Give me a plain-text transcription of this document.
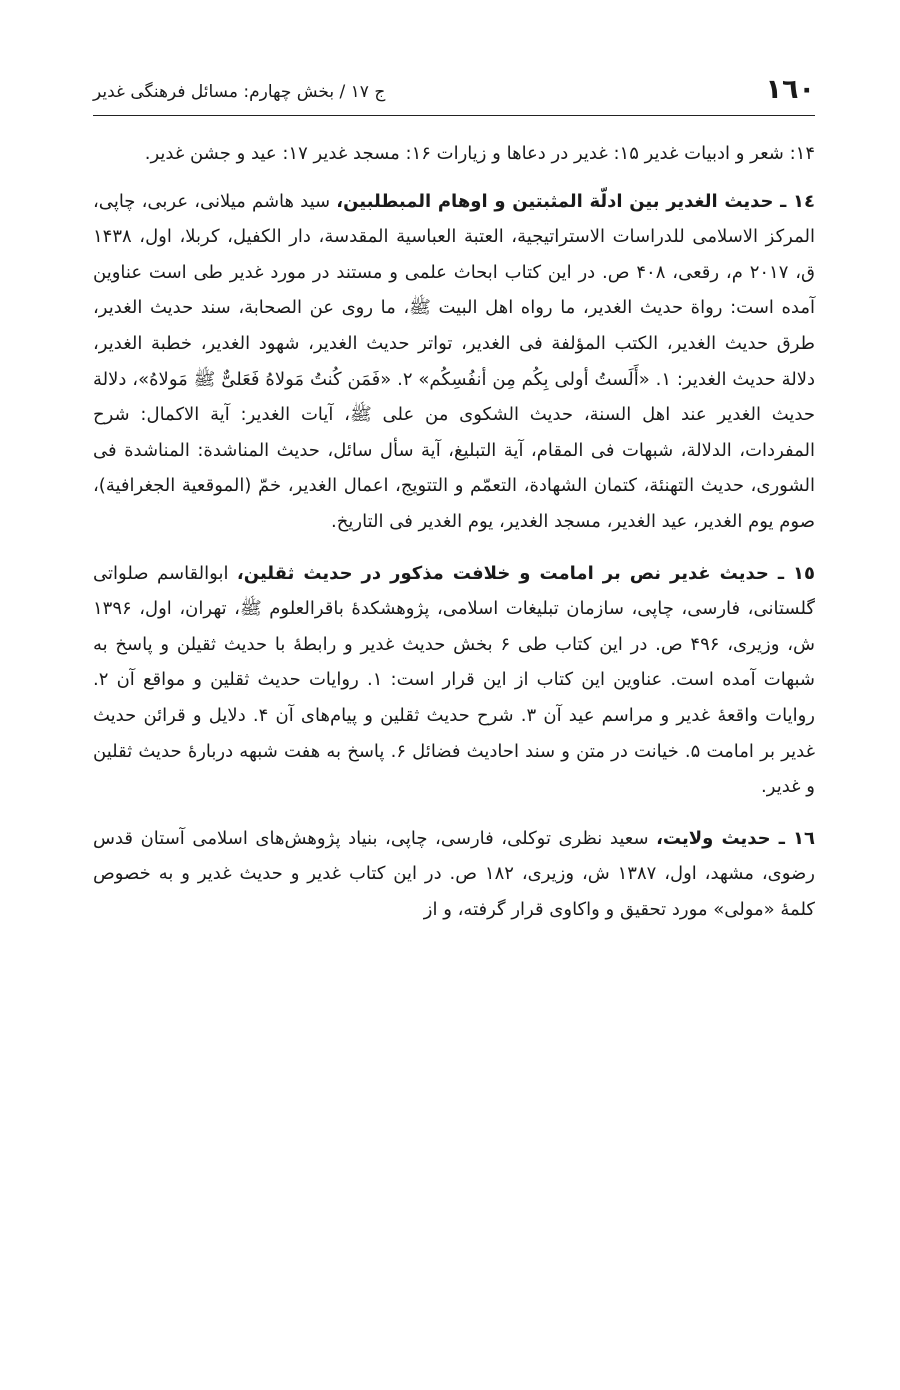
١٦٠
ج ۱۷ / بخش چهارم: مسائل فرهنگی غدیر

۱۴: شعر و ادبیات غدیر ۱۵: غدیر در دعاها و زیارات ۱۶: مسجد غدیر ۱۷: عید و جشن غدیر.

١٤ ـ حدیث الغدیر بین ادلّة المثبتین و اوهام المبطلبین، سید هاشم میلانی، عربی، چاپی، المرکز الاسلامی للدراسات الاستراتیجیة، العتبة العباسیة المقدسة، دار الکفیل، کربلا، اول، ۱۴۳۸ ق، ۲۰۱۷ م، رقعی، ۴۰۸ ص. در این کتاب ابحاث علمی و مستند در مورد غدیر طی است عناوین آمده است: رواة حدیث الغدیر، ما رواه اهل البیت ﷺ، ما روی عن الصحابة، سند حدیث الغدیر، طرق حدیث الغدیر، الکتب المؤلفة فی الغدیر، تواتر حدیث الغدیر، شهود الغدیر، خطبة الغدیر، دلالة حدیث الغدیر: ۱. «أَلَستُ أولی بِکُم مِن أنفُسِکُم» ۲. «فَمَن کُنتُ مَولاهُ فَعَلیٌّ ﷺ مَولاهُ»، دلالة حدیث الغدیر عند اهل السنة، حدیث الشکوی من علی ﷺ، آیات الغدیر: آیة الاکمال: شرح المفردات، الدلالة، شبهات فی المقام، آیة التبلیغ، آیة سأل سائل، حدیث المناشدة: المناشدة فی الشوری، حدیث التهنئة، کتمان الشهادة، التعمّم و التتویج، اعمال الغدیر، خمّ (الموقعیة الجغرافیة)، صوم یوم الغدیر، عید الغدیر، مسجد الغدیر، یوم الغدیر فی التاریخ.

١٥ ـ حدیث غدیر نص بر امامت و خلافت مذکور در حدیث ثقلین، ابوالقاسم صلواتی گلستانی، فارسی، چاپی، سازمان تبلیغات اسلامی، پژوهشکدهٔ باقرالعلوم ﷺ، تهران، اول، ۱۳۹۶ ش، وزیری، ۴۹۶ ص. در این کتاب طی ۶ بخش حدیث غدیر و رابطهٔ با حدیث ثقیلن و پاسخ به شبهات آمده است. عناوین این کتاب از این قرار است: ۱. روایات حدیث ثقلین و مواقع آن ۲. روایات واقعهٔ غدیر و مراسم عید آن ۳. شرح حدیث ثقلین و پیام‌های آن ۴. دلایل و قرائن حدیث غدیر بر امامت ۵. خیانت در متن و سند احادیث فضائل ۶. پاسخ به هفت شبهه دربارهٔ حدیث ثقلین و غدیر.

١٦ ـ حدیث ولایت، سعید نظری توکلی، فارسی، چاپی، بنیاد پژوهش‌های اسلامی آستان قدس رضوی، مشهد، اول، ۱۳۸۷ ش، وزیری، ۱۸۲ ص. در این کتاب غدیر و حدیث غدیر و به خصوص کلمهٔ «مولی» مورد تحقیق و واکاوی قرار گرفته، و از
